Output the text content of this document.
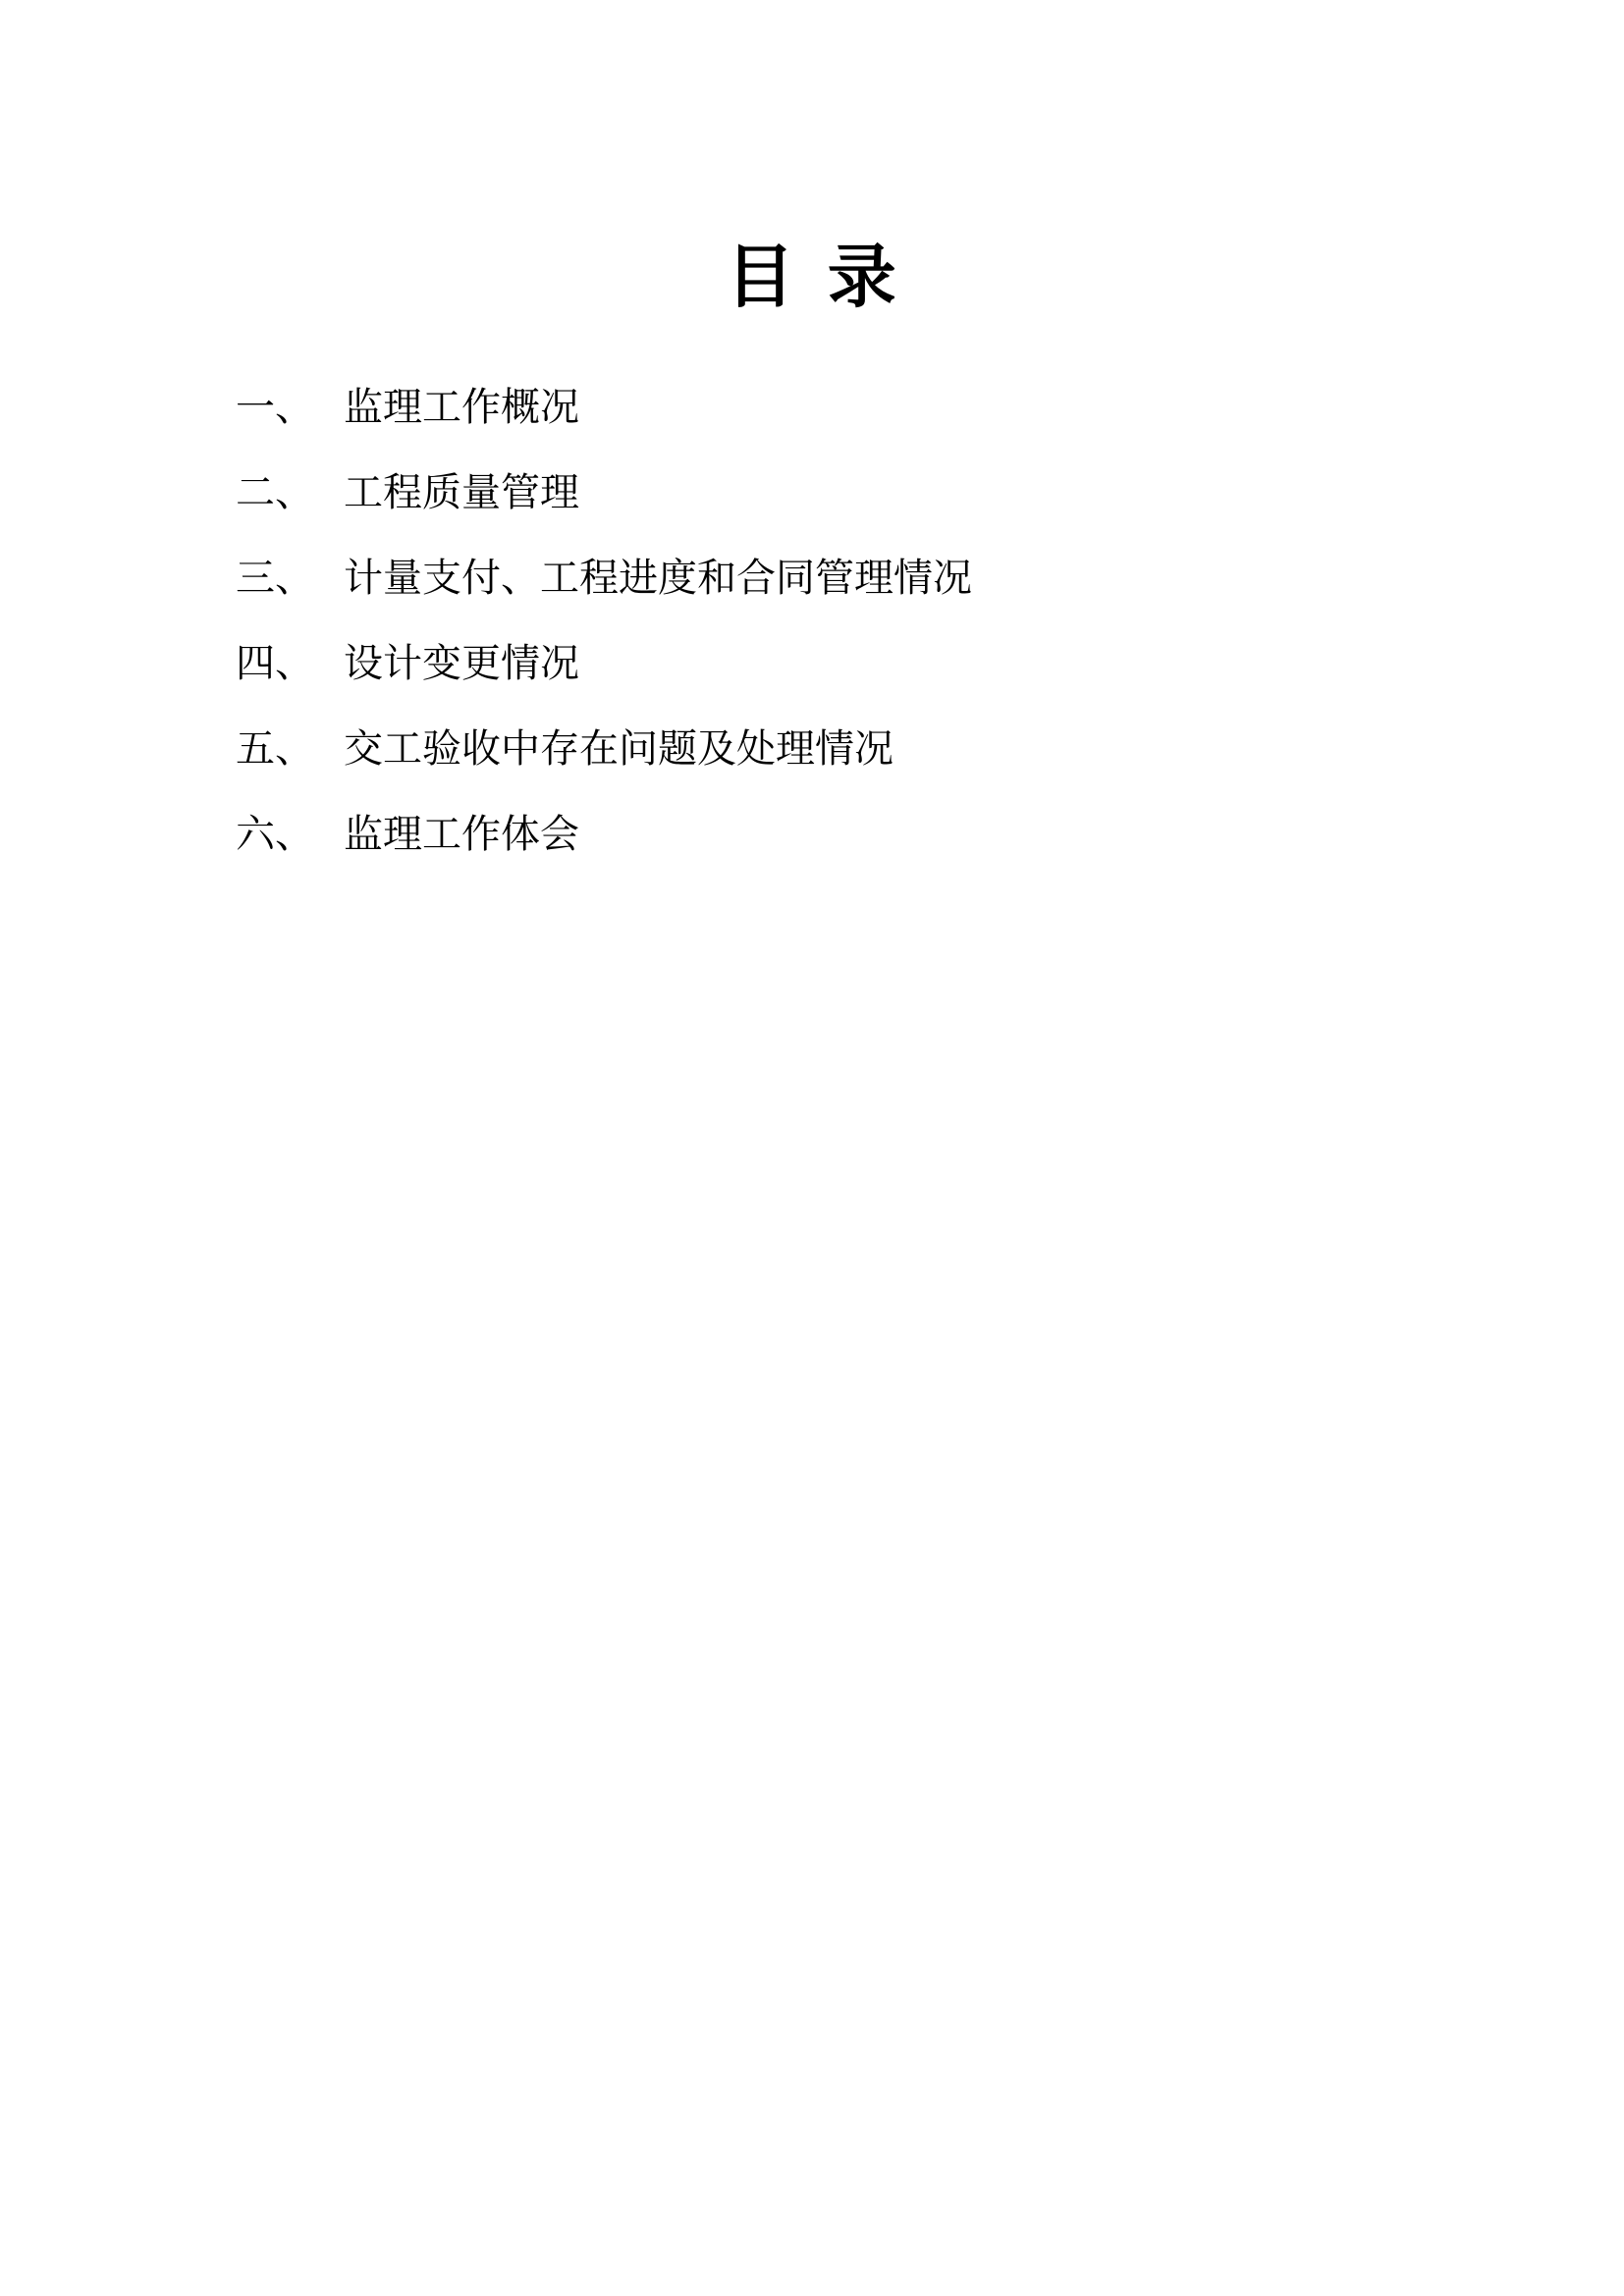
目 录
一、 监理工作概况
二、 工程质量管理
三、 计量支付、工程进度和合同管理情况
四、 设计变更情况
五、 交工验收中存在问题及处理情况
六、 监理工作体会
